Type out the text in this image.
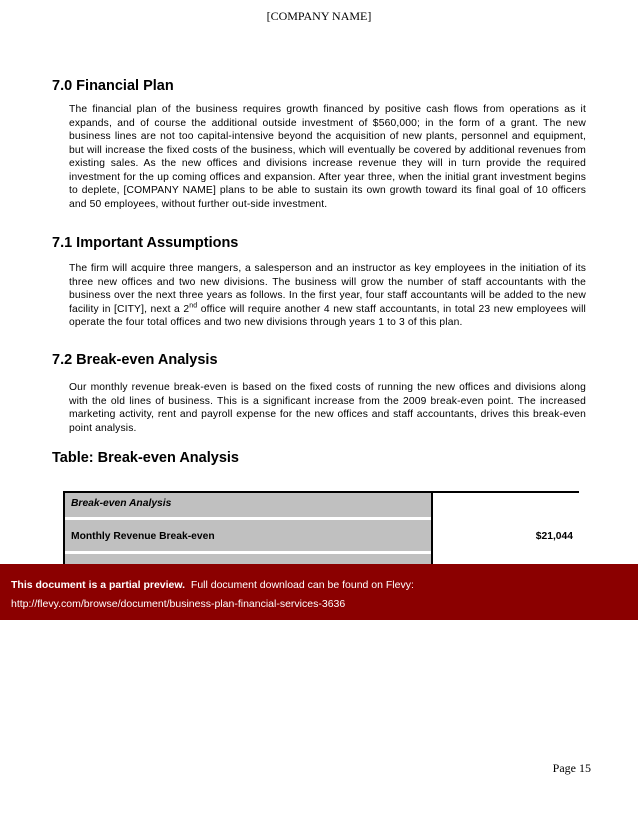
[COMPANY NAME]
7.0 Financial Plan
The financial plan of the business requires growth financed by positive cash flows from operations as it expands, and of course the additional outside investment of $560,000; in the form of a grant. The new business lines are not too capital-intensive beyond the acquisition of new plants, personnel and equipment, but will increase the fixed costs of the business, which will eventually be covered by additional revenues from existing sales. As the new offices and divisions increase revenue they will in turn provide the required investment for the up coming offices and expansion. After year three, when the initial grant investment begins to deplete, [COMPANY NAME] plans to be able to sustain its own growth toward its final goal of 10 officers and 50 employees, without further out-side investment.
7.1 Important Assumptions
The firm will acquire three mangers, a salesperson and an instructor as key employees in the initiation of its three new offices and two new divisions. The business will grow the number of staff accountants with the business over the next three years as follows. In the first year, four staff accountants will be added to the new facility in [CITY], next a 2nd office will require another 4 new staff accountants, in total 23 new employees will operate the four total offices and two new divisions through years 1 to 3 of this plan.
7.2 Break-even Analysis
Our monthly revenue break-even is based on the fixed costs of running the new offices and divisions along with the old lines of business. This is a significant increase from the 2009 break-even point. The increased marketing activity, rent and payroll expense for the new offices and staff accountants, drives this break-even point analysis.
Table: Break-even Analysis
Break-even Analysis
Monthly Revenue Break-even	$21,044
This document is a partial preview. Full document download can be found on Flevy:
http://flevy.com/browse/document/business-plan-financial-services-3636
Page 15
